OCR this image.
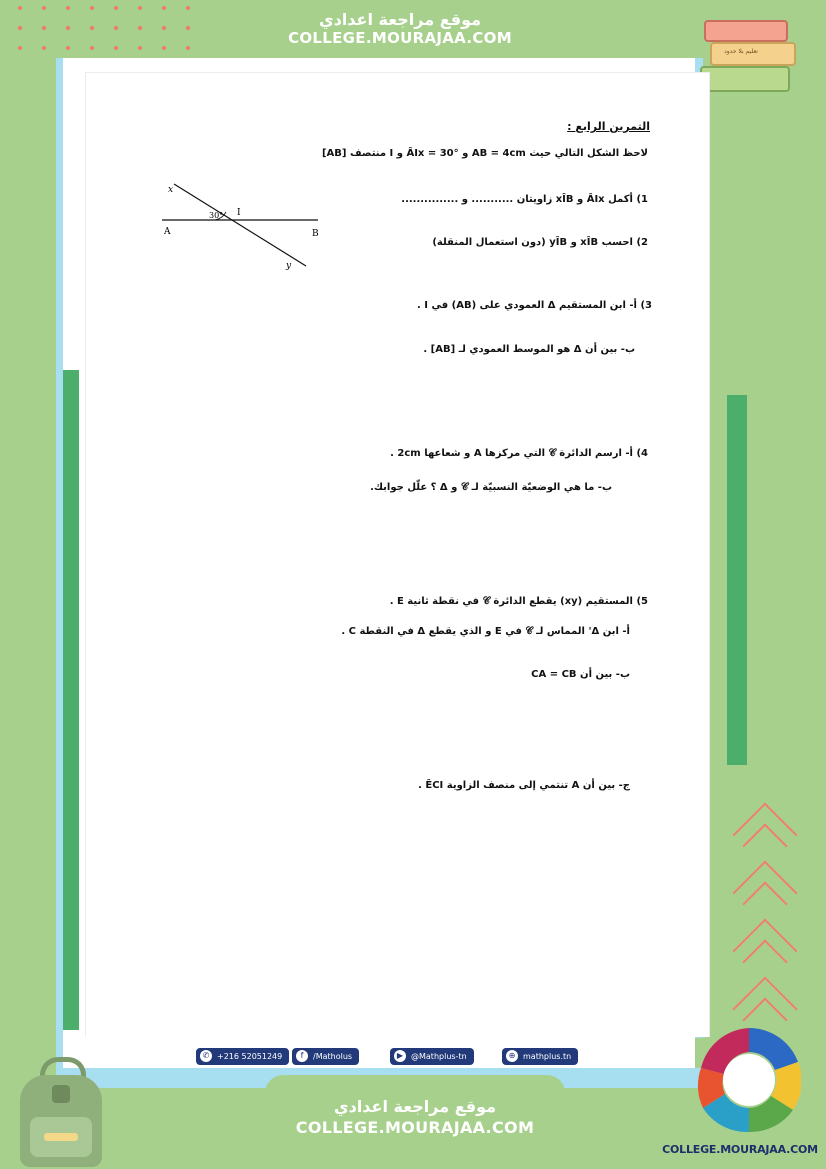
موقع مراجعة اعدادي
COLLEGE.MOURAJAA.COM
تعليم بلا حدود
التمرين الرابع :
لاحظ الشكل التالي حيث AB = 4cm و ÂIx = 30° و I منتصف [AB]
x
I
30°
A	B
y
1) أكمل ÂIx و xÎB زاويتان ........... و ...............
2) احسب xÎB و yÎB (دون استعمال المنقلة)
3) أ- ابن المستقيم Δ العمودي على (AB) في I .
ب- بين أن Δ هو الموسط العمودي لـ [AB] .
4) أ- ارسم الدائرة 𝒞 التي مركزها A و شعاعها 2cm .
ب- ما هي الوضعيّة النسبيّة لـ 𝒞 و Δ ؟ علّل جوابك.
5) المستقيم (xy) يقطع الدائرة 𝒞 في نقطة ثانية E .
أ- ابن Δ' المماس لـ 𝒞 في E و الذي يقطع Δ في النقطة C .
ب- بين أن CA = CB
ج- بين أن A تنتمي إلى منصف الزاوية ÊCI .
✆ +216 52051249	f	/Matholus	▶ @Mathplus-tn	⊕ mathplus.tn
موقع مراجعة اعدادي
COLLEGE.MOURAJAA.COM
COLLEGE.MOURAJAA.COM
